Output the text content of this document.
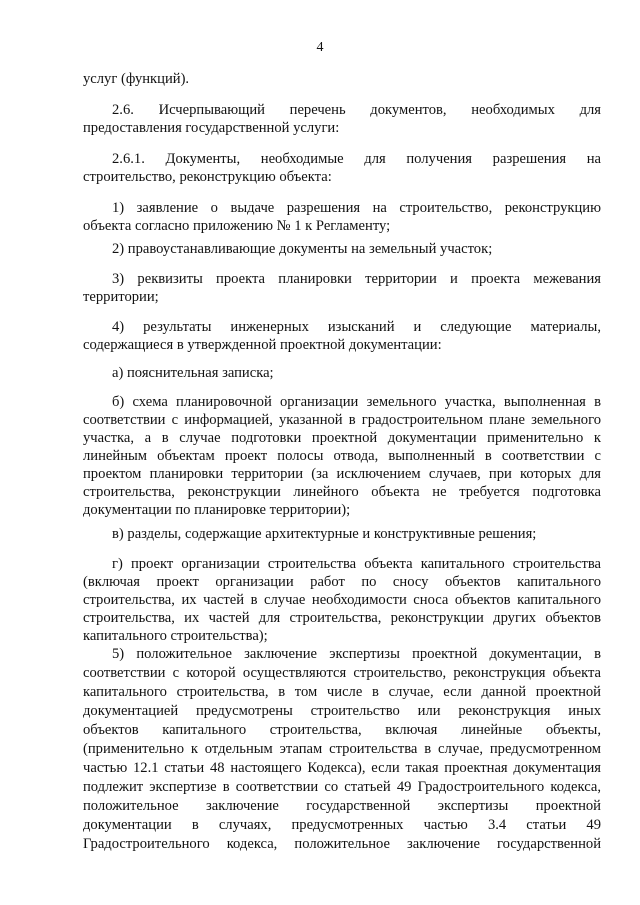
4
услуг (функций).
2.6. Исчерпывающий перечень документов, необходимых для
предоставления государственной услуги:
2.6.1. Документы, необходимые для получения разрешения на
строительство, реконструкцию объекта:
1) заявление о выдаче разрешения на строительство, реконструкцию
объекта согласно приложению № 1 к Регламенту;
2) правоустанавливающие документы на земельный участок;
3) реквизиты проекта планировки территории и проекта межевания
территории;
4) результаты инженерных изысканий и следующие материалы,
содержащиеся в утвержденной проектной документации:
а) пояснительная записка;
б) схема планировочной организации земельного участка, выполненная в
соответствии с информацией, указанной в градостроительном плане земельного
участка, а в случае подготовки проектной документации применительно к
линейным объектам проект полосы отвода, выполненный в соответствии с
проектом планировки территории (за исключением случаев, при которых для
строительства, реконструкции линейного объекта не требуется подготовка
документации по планировке территории);
в) разделы, содержащие архитектурные и конструктивные решения;
г) проект организации строительства объекта капитального строительства
(включая проект организации работ по сносу объектов капитального
строительства, их частей в случае необходимости сноса объектов капитального
строительства, их частей для строительства, реконструкции других объектов
капитального строительства);
5) положительное заключение экспертизы проектной документации, в
соответствии с которой осуществляются строительство, реконструкция объекта
капитального строительства, в том числе в случае, если данной проектной
документацией предусмотрены строительство или реконструкция иных
объектов капитального строительства, включая линейные объекты,
(применительно к отдельным этапам строительства в случае, предусмотренном
частью 12.1 статьи 48 настоящего Кодекса), если такая проектная документация
подлежит экспертизе в соответствии со статьей 49 Градостроительного кодекса,
положительное заключение государственной экспертизы проектной
документации в случаях, предусмотренных частью 3.4 статьи 49
Градостроительного кодекса, положительное заключение государственной
